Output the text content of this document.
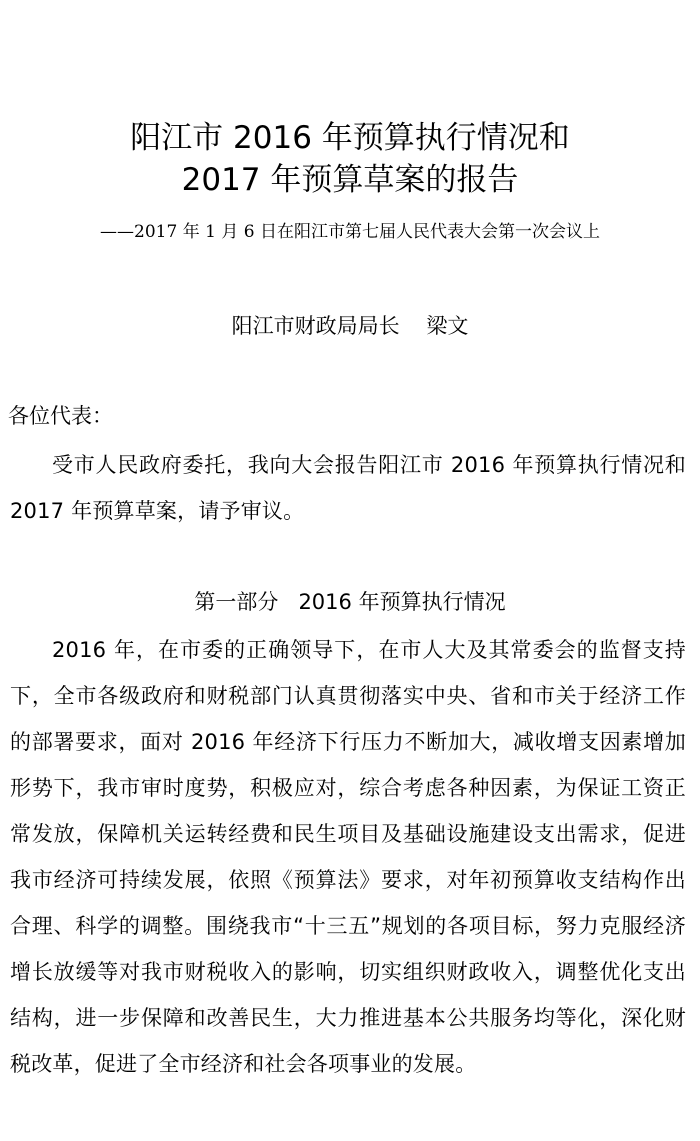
阳江市 2016 年预算执行情况和
2017 年预算草案的报告
——2017 年 1 月 6 日在阳江市第七届人民代表大会第一次会议上
阳江市财政局局长    梁文
各位代表：
受市人民政府委托，我向大会报告阳江市 2016 年预算执行情况和 2017 年预算草案，请予审议。
第一部分   2016 年预算执行情况
2016 年，在市委的正确领导下，在市人大及其常委会的监督支持下，全市各级政府和财税部门认真贯彻落实中央、省和市关于经济工作的部署要求，面对 2016 年经济下行压力不断加大，减收增支因素增加形势下，我市审时度势，积极应对，综合考虑各种因素，为保证工资正常发放，保障机关运转经费和民生项目及基础设施建设支出需求，促进我市经济可持续发展，依照《预算法》要求，对年初预算收支结构作出合理、科学的调整。围绕我市“十三五”规划的各项目标，努力克服经济增长放缓等对我市财税收入的影响，切实组织财政收入，调整优化支出结构，进一步保障和改善民生，大力推进基本公共服务均等化，深化财税改革，促进了全市经济和社会各项事业的发展。
